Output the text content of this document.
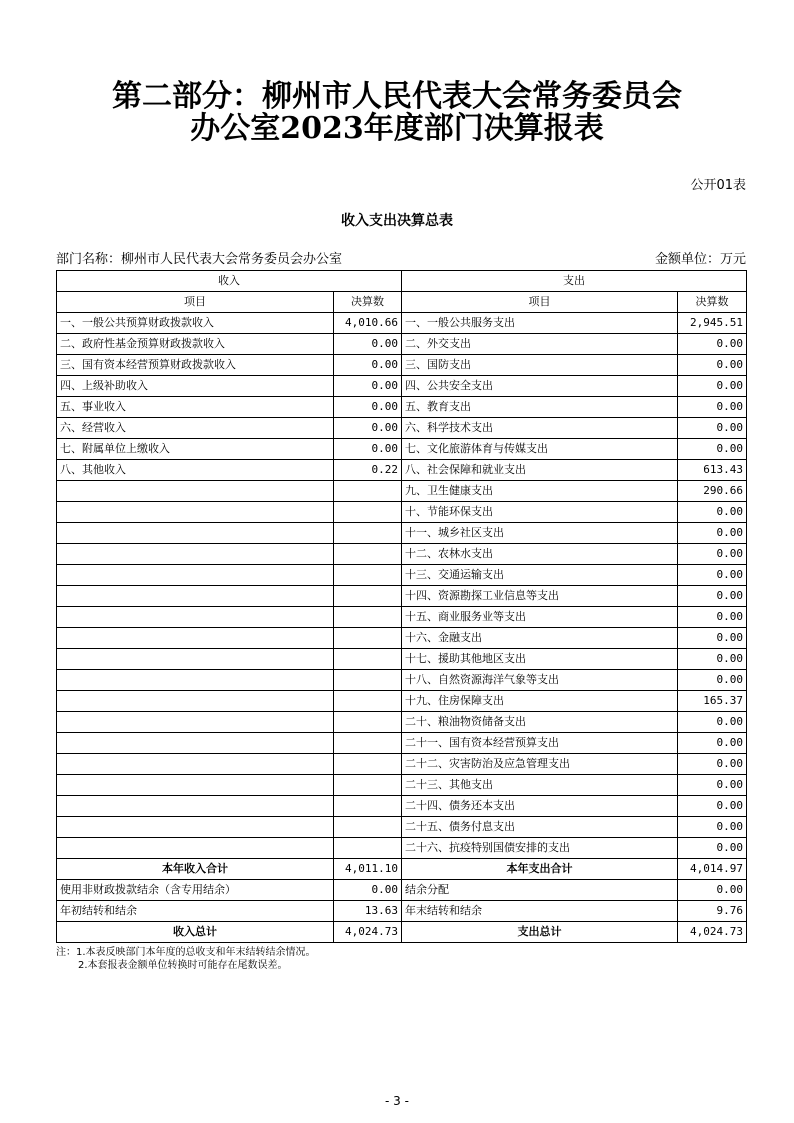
第二部分：柳州市人民代表大会常务委员会
办公室2023年度部门决算报表
公开01表
收入支出决算总表
部门名称：柳州市人民代表大会常务委员会办公室	金额单位：万元
收入		支出	
项目	决算数	项目	决算数
一、一般公共预算财政拨款收入	4,010.66	一、一般公共服务支出	2,945.51
二、政府性基金预算财政拨款收入	0.00	二、外交支出	0.00
三、国有资本经营预算财政拨款收入	0.00	三、国防支出	0.00
四、上级补助收入	0.00	四、公共安全支出	0.00
五、事业收入	0.00	五、教育支出	0.00
六、经营收入	0.00	六、科学技术支出	0.00
七、附属单位上缴收入	0.00	七、文化旅游体育与传媒支出	0.00
八、其他收入	0.22	八、社会保障和就业支出	613.43
		九、卫生健康支出	290.66
		十、节能环保支出	0.00
		十一、城乡社区支出	0.00
		十二、农林水支出	0.00
		十三、交通运输支出	0.00
		十四、资源勘探工业信息等支出	0.00
		十五、商业服务业等支出	0.00
		十六、金融支出	0.00
		十七、援助其他地区支出	0.00
		十八、自然资源海洋气象等支出	0.00
		十九、住房保障支出	165.37
		二十、粮油物资储备支出	0.00
		二十一、国有资本经营预算支出	0.00
		二十二、灾害防治及应急管理支出	0.00
		二十三、其他支出	0.00
		二十四、债务还本支出	0.00
		二十五、债务付息支出	0.00
		二十六、抗疫特别国债安排的支出	0.00
本年收入合计	4,011.10	本年支出合计	4,014.97
使用非财政拨款结余（含专用结余）	0.00	结余分配	0.00
年初结转和结余	13.63	年末结转和结余	9.76
收入总计	4,024.73	支出总计	4,024.73
注：1.本表反映部门本年度的总收支和年末结转结余情况。
2.本套报表金额单位转换时可能存在尾数误差。
- 3 -
